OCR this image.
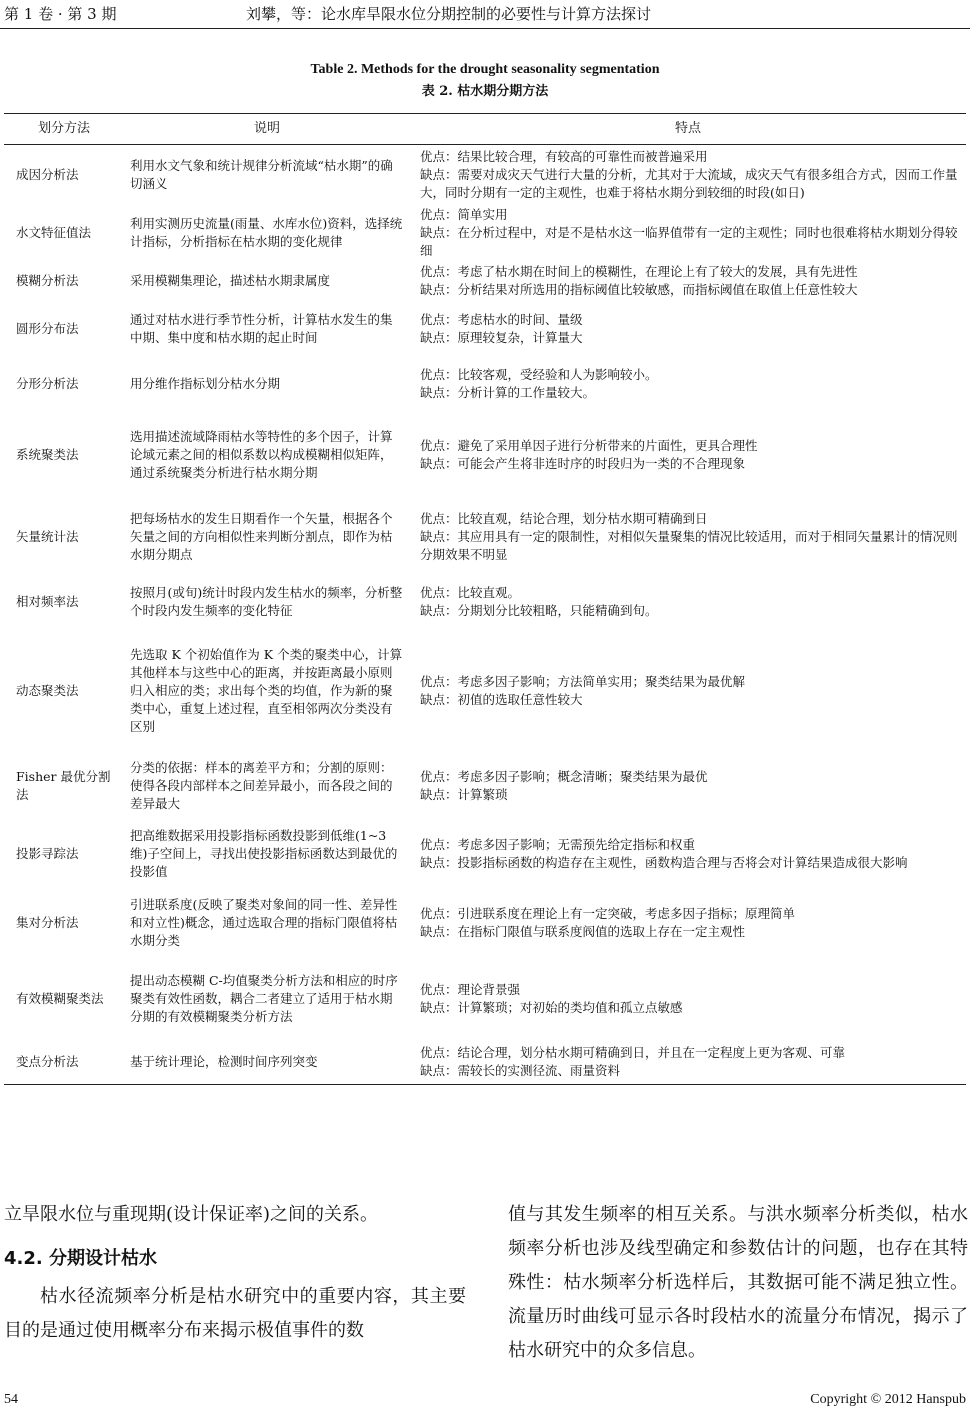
第 1 卷 · 第 3 期	刘攀，等：论水库旱限水位分期控制的必要性与计算方法探讨
Table 2. Methods for the drought seasonality segmentation
表 2. 枯水期分期方法
划分方法	说明	特点
成因分析法	利用水文气象和统计规律分析流域“枯水期”的确切涵义	优点：结果比较合理，有较高的可靠性而被普遍采用
缺点：需要对成灾天气进行大量的分析，尤其对于大流域，成灾天气有很多组合方式，因而工作量大，同时分期有一定的主观性，也难于将枯水期分到较细的时段(如日)

水文特征值法	利用实测历史流量(雨量、水库水位)资料，选择统计指标，分析指标在枯水期的变化规律	优点：简单实用
缺点：在分析过程中，对是不是枯水这一临界值带有一定的主观性；同时也很难将枯水期划分得较细

模糊分析法	采用模糊集理论，描述枯水期隶属度	优点：考虑了枯水期在时间上的模糊性，在理论上有了较大的发展，具有先进性
缺点：分析结果对所选用的指标阈值比较敏感，而指标阈值在取值上任意性较大

圆形分布法	通过对枯水进行季节性分析，计算枯水发生的集中期、集中度和枯水期的起止时间	优点：考虑枯水的时间、量级
缺点：原理较复杂，计算量大

分形分析法	用分维作指标划分枯水分期	优点：比较客观，受经验和人为影响较小。
缺点：分析计算的工作量较大。

系统聚类法	选用描述流域降雨枯水等特性的多个因子，计算论域元素之间的相似系数以构成模糊相似矩阵，通过系统聚类分析进行枯水期分期	优点：避免了采用单因子进行分析带来的片面性，更具合理性
缺点：可能会产生将非连时序的时段归为一类的不合理现象

矢量统计法	把每场枯水的发生日期看作一个矢量，根据各个矢量之间的方向相似性来判断分割点，即作为枯水期分期点	优点：比较直观，结论合理，划分枯水期可精确到日
缺点：其应用具有一定的限制性，对相似矢量聚集的情况比较适用，而对于相同矢量累计的情况则分期效果不明显

相对频率法	按照月(或旬)统计时段内发生枯水的频率，分析整个时段内发生频率的变化特征	优点：比较直观。
缺点：分期划分比较粗略，只能精确到旬。

动态聚类法	先选取 K 个初始值作为 K 个类的聚类中心，计算其他样本与这些中心的距离，并按距离最小原则归入相应的类；求出每个类的均值，作为新的聚类中心，重复上述过程，直至相邻两次分类没有区别	优点：考虑多因子影响；方法简单实用；聚类结果为最优解
缺点：初值的选取任意性较大

Fisher 最优分割法	分类的依据：样本的离差平方和；分割的原则：使得各段内部样本之间差异最小，而各段之间的差异最大	优点：考虑多因子影响；概念清晰；聚类结果为最优
缺点：计算繁琐

投影寻踪法	把高维数据采用投影指标函数投影到低维(1~3 维)子空间上，寻找出使投影指标函数达到最优的投影值	优点：考虑多因子影响；无需预先给定指标和权重
缺点：投影指标函数的构造存在主观性，函数构造合理与否将会对计算结果造成很大影响

集对分析法	引进联系度(反映了聚类对象间的同一性、差异性和对立性)概念，通过选取合理的指标门限值将枯水期分类	优点：引进联系度在理论上有一定突破，考虑多因子指标；原理简单
缺点：在指标门限值与联系度阀值的选取上存在一定主观性

有效模糊聚类法	提出动态模糊 C-均值聚类分析方法和相应的时序聚类有效性函数，耦合二者建立了适用于枯水期分期的有效模糊聚类分析方法	优点：理论背景强
缺点：计算繁琐；对初始的类均值和孤立点敏感

变点分析法	基于统计理论，检测时间序列突变	优点：结论合理，划分枯水期可精确到日，并且在一定程度上更为客观、可靠
缺点：需较长的实测径流、雨量资料
立旱限水位与重现期(设计保证率)之间的关系。
4.2. 分期设计枯水
枯水径流频率分析是枯水研究中的重要内容，其主要目的是通过使用概率分布来揭示极值事件的数
值与其发生频率的相互关系。与洪水频率分析类似，枯水频率分析也涉及线型确定和参数估计的问题，也存在其特殊性：枯水频率分析选样后，其数据可能不满足独立性。流量历时曲线可显示各时段枯水的流量分布情况，揭示了枯水研究中的众多信息。
54	Copyright © 2012 Hanspub
